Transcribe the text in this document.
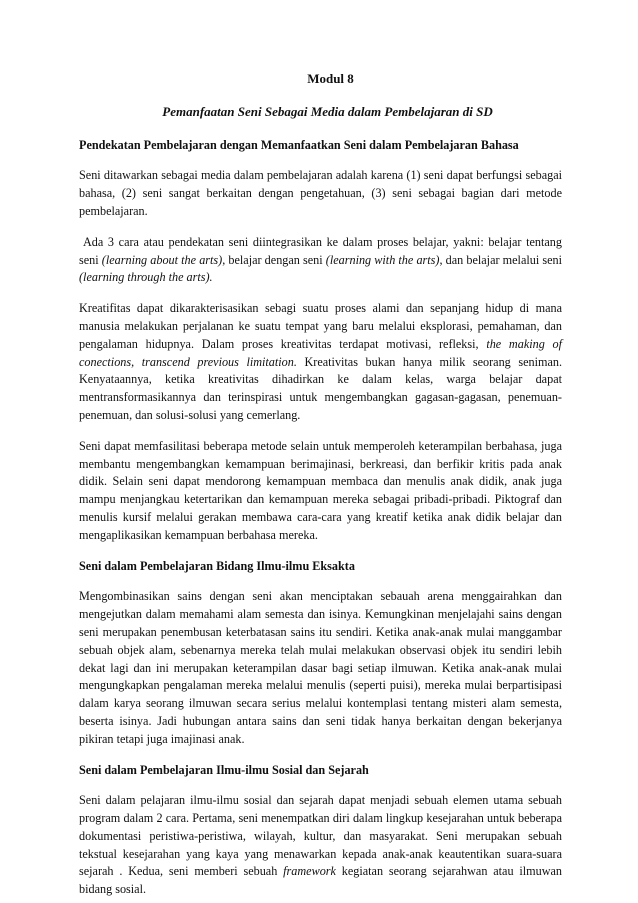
Modul 8
Pemanfaatan Seni Sebagai Media dalam Pembelajaran di SD
Pendekatan Pembelajaran dengan Memanfaatkan Seni dalam Pembelajaran Bahasa

Seni ditawarkan sebagai media dalam pembelajaran adalah karena (1) seni dapat berfungsi sebagai bahasa, (2) seni sangat berkaitan dengan pengetahuan, (3) seni sebagai bagian dari metode pembelajaran.

Ada 3 cara atau pendekatan seni diintegrasikan ke dalam proses belajar, yakni: belajar tentang seni (learning about the arts), belajar dengan seni (learning with the arts), dan belajar melalui seni (learning through the arts).

Kreatifitas dapat dikarakterisasikan sebagi suatu proses alami dan sepanjang hidup di mana manusia melakukan perjalanan ke suatu tempat yang baru melalui eksplorasi, pemahaman, dan pengalaman hidupnya. Dalam proses kreativitas terdapat motivasi, refleksi, the making of conections, transcend previous limitation. Kreativitas bukan hanya milik seorang seniman. Kenyataannya, ketika kreativitas dihadirkan ke dalam kelas, warga belajar dapat mentransformasikannya dan terinspirasi untuk mengembangkan gagasan-gagasan, penemuan-penemuan, dan solusi-solusi yang cemerlang.

Seni dapat memfasilitasi beberapa metode selain untuk memperoleh keterampilan berbahasa, juga membantu mengembangkan kemampuan berimajinasi, berkreasi, dan berfikir kritis pada anak didik. Selain seni dapat mendorong kemampuan membaca dan menulis anak didik, anak juga mampu menjangkau ketertarikan dan kemampuan mereka sebagai pribadi-pribadi. Piktograf dan menulis kursif melalui gerakan membawa cara-cara yang kreatif ketika anak didik belajar dan mengaplikasikan kemampuan berbahasa mereka.

Seni dalam Pembelajaran Bidang Ilmu-ilmu Eksakta

Mengombinasikan sains dengan seni akan menciptakan sebauah arena menggairahkan dan mengejutkan dalam memahami alam semesta dan isinya. Kemungkinan menjelajahi sains dengan seni merupakan penembusan keterbatasan sains itu sendiri. Ketika anak-anak mulai manggambar sebuah objek alam, sebenarnya mereka telah mulai melakukan observasi objek itu sendiri lebih dekat lagi dan ini merupakan keterampilan dasar bagi setiap ilmuwan. Ketika anak-anak mulai mengungkapkan pengalaman mereka melalui menulis (seperti puisi), mereka mulai berpartisipasi dalam karya seorang ilmuwan secara serius melalui kontemplasi tentang misteri alam semesta, beserta isinya. Jadi hubungan antara sains dan seni tidak hanya berkaitan dengan bekerjanya pikiran tetapi juga imajinasi anak.

Seni dalam Pembelajaran Ilmu-ilmu Sosial dan Sejarah

Seni dalam pelajaran ilmu-ilmu sosial dan sejarah dapat menjadi sebuah elemen utama sebuah program dalam 2 cara. Pertama, seni menempatkan diri dalam lingkup kesejarahan untuk beberapa dokumentasi peristiwa-peristiwa, wilayah, kultur, dan masyarakat. Seni merupakan sebuah tekstual kesejarahan yang kaya yang menawarkan kepada anak-anak keautentikan suara-suara sejarah . Kedua, seni memberi sebuah framework kegiatan seorang sejarahwan atau ilmuwan bidang sosial.
